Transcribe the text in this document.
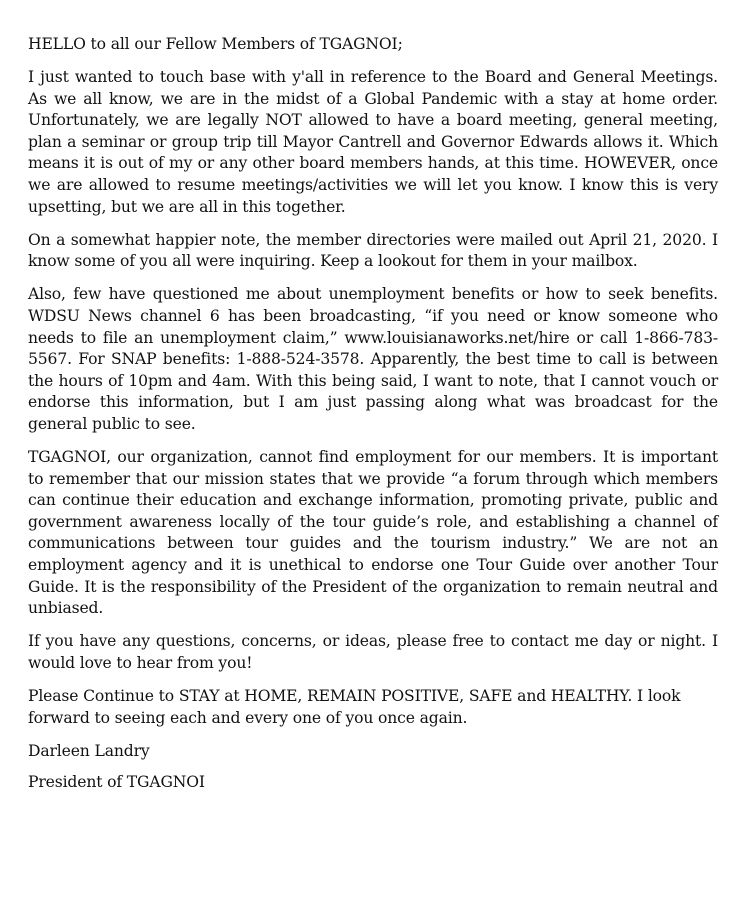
HELLO to all our Fellow Members of TGAGNOI;

I just wanted to touch base with y'all in reference to the Board and General Meetings. As we all know, we are in the midst of a Global Pandemic with a stay at home order. Unfortunately, we are legally NOT allowed to have a board meeting, general meeting, plan a seminar or group trip till Mayor Cantrell and Governor Edwards allows it. Which means it is out of my or any other board members hands, at this time. HOWEVER, once we are allowed to resume meetings/activities we will let you know. I know this is very upsetting, but we are all in this together.

On a somewhat happier note, the member directories were mailed out April 21, 2020. I know some of you all were inquiring. Keep a lookout for them in your mailbox.

Also, few have questioned me about unemployment benefits or how to seek benefits. WDSU News channel 6 has been broadcasting, “if you need or know someone who needs to file an unemployment claim,” www.louisianaworks.net/hire or call 1-866-783-5567. For SNAP benefits: 1-888-524-3578. Apparently, the best time to call is between the hours of 10pm and 4am. With this being said, I want to note, that I cannot vouch or endorse this information, but I am just passing along what was broadcast for the general public to see.

TGAGNOI, our organization, cannot find employment for our members. It is important to remember that our mission states that we provide “a forum through which members can continue their education and exchange information, promoting private, public and government awareness locally of the tour guide’s role, and establishing a channel of communications between tour guides and the tourism industry.” We are not an employment agency and it is unethical to endorse one Tour Guide over another Tour Guide. It is the responsibility of the President of the organization to remain neutral and unbiased.

If you have any questions, concerns, or ideas, please free to contact me day or night. I would love to hear from you!

Please Continue to STAY at HOME, REMAIN POSITIVE, SAFE and HEALTHY. I look forward to seeing each and every one of you once again.

Darleen Landry

President of TGAGNOI
